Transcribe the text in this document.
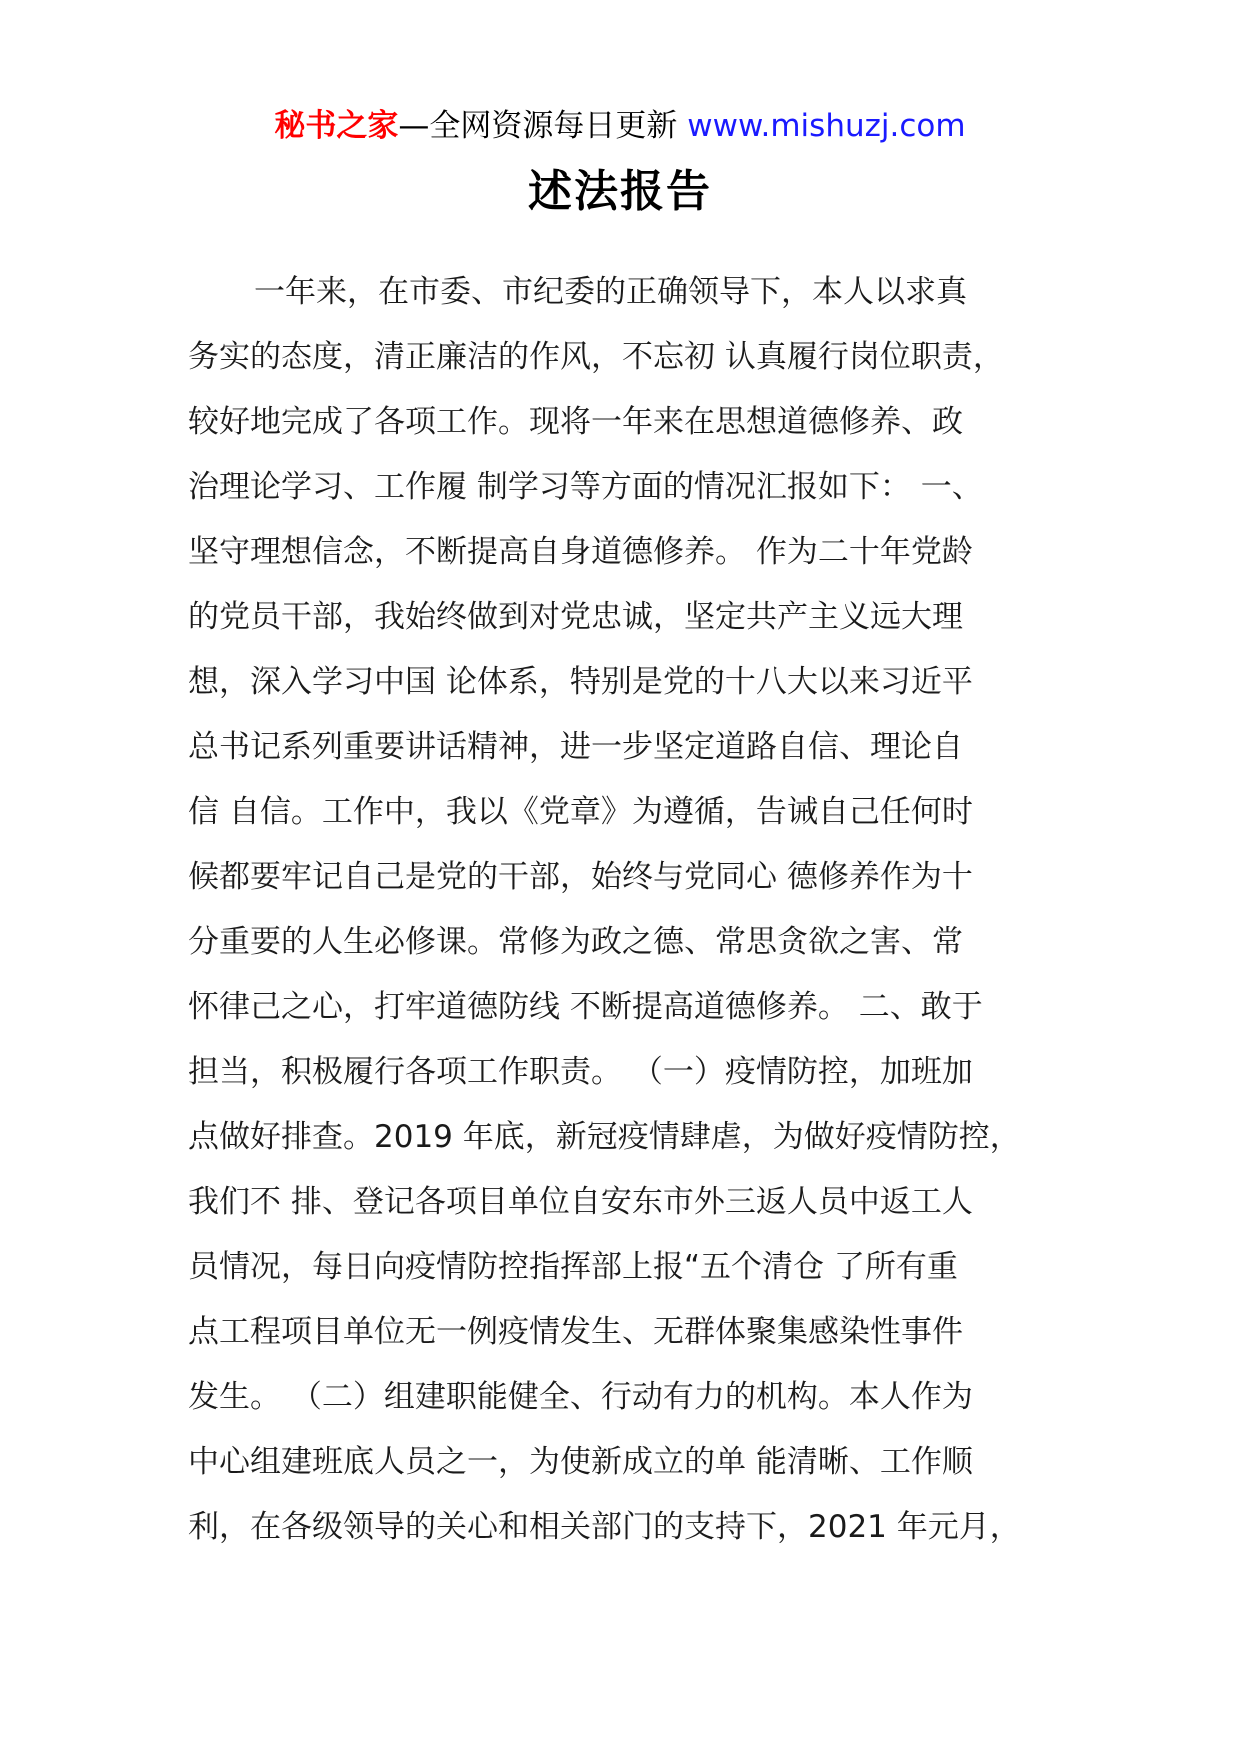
秘书之家—全网资源每日更新 www.mishuzj.com
述法报告
一年来，在市委、市纪委的正确领导下，本人以求真
务实的态度，清正廉洁的作风，不忘初 认真履行岗位职责，
较好地完成了各项工作。现将一年来在思想道德修养、政
治理论学习、工作履 制学习等方面的情况汇报如下： 一、
坚守理想信念，不断提高自身道德修养。 作为二十年党龄
的党员干部，我始终做到对党忠诚，坚定共产主义远大理
想，深入学习中国 论体系，特别是党的十八大以来习近平
总书记系列重要讲话精神，进一步坚定道路自信、理论自
信 自信。工作中，我以《党章》为遵循，告诫自己任何时
候都要牢记自己是党的干部，始终与党同心 德修养作为十
分重要的人生必修课。常修为政之德、常思贪欲之害、常
怀律己之心，打牢道德防线 不断提高道德修养。 二、敢于
担当，积极履行各项工作职责。 （一）疫情防控，加班加
点做好排查。2019 年底，新冠疫情肆虐，为做好疫情防控，
我们不 排、登记各项目单位自安东市外三返人员中返工人
员情况，每日向疫情防控指挥部上报“五个清仓 了所有重
点工程项目单位无一例疫情发生、无群体聚集感染性事件
发生。 （二）组建职能健全、行动有力的机构。本人作为
中心组建班底人员之一，为使新成立的单 能清晰、工作顺
利，在各级领导的关心和相关部门的支持下，2021 年元月，
